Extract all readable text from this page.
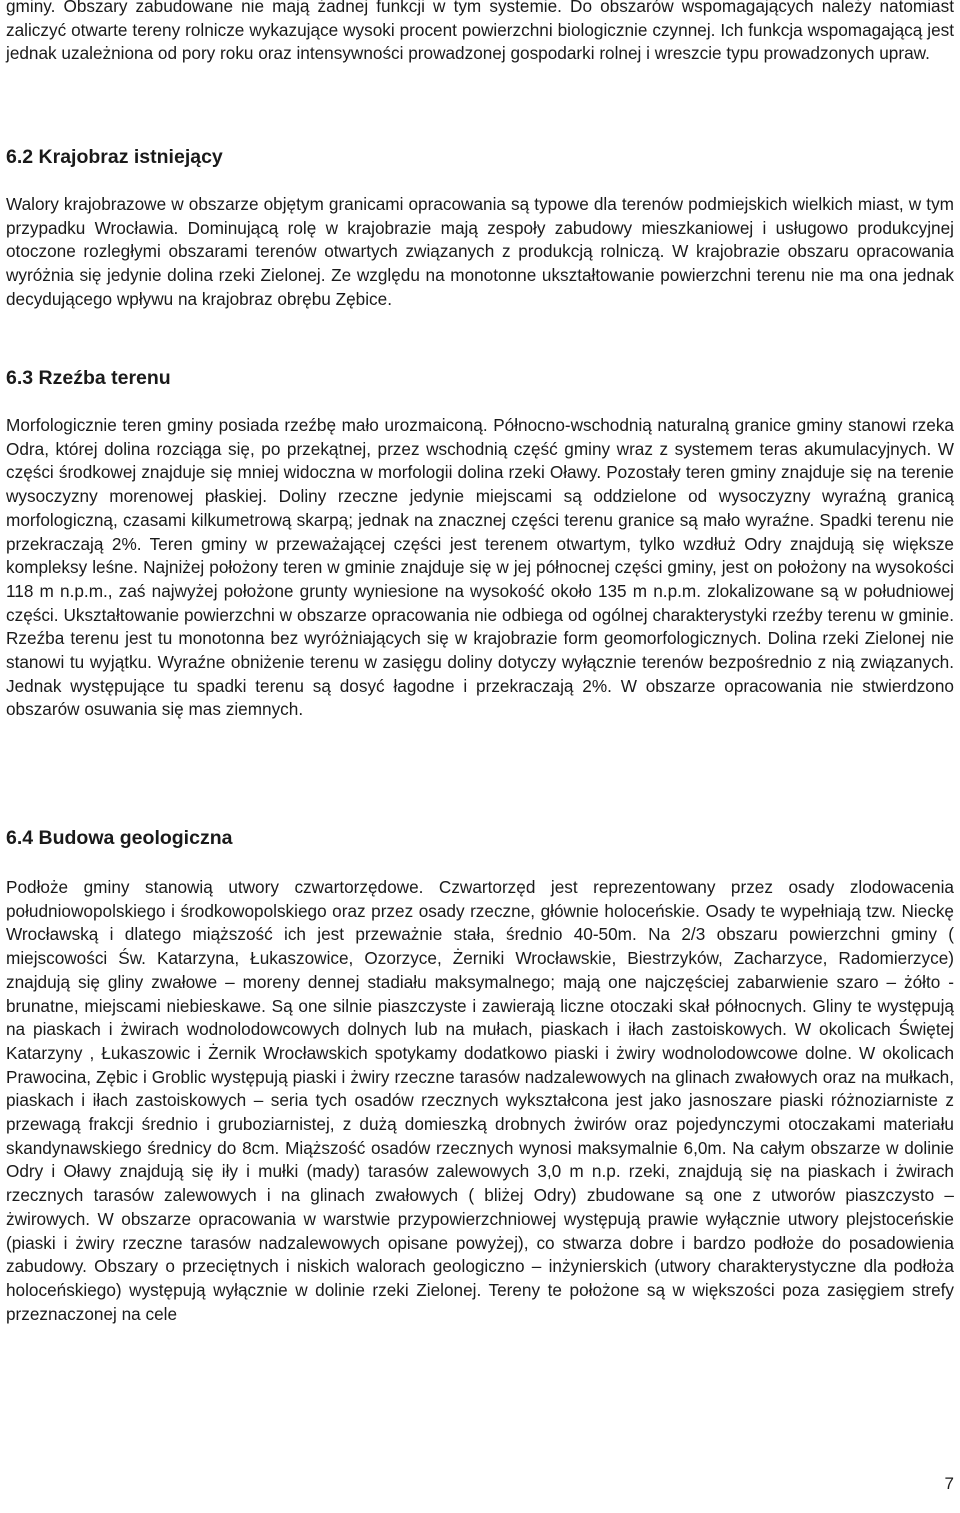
gminy. Obszary zabudowane nie mają żadnej funkcji w tym systemie. Do obszarów wspomagających należy natomiast zaliczyć otwarte tereny rolnicze wykazujące wysoki procent powierzchni biologicznie czynnej. Ich funkcja wspomagającą jest jednak uzależniona od pory roku oraz intensywności prowadzonej gospodarki rolnej i wreszcie typu prowadzonych upraw.

6.2 Krajobraz istniejący

Walory krajobrazowe w obszarze objętym granicami opracowania są typowe dla terenów podmiejskich wielkich miast, w tym przypadku Wrocławia. Dominującą rolę w krajobrazie mają zespoły zabudowy mieszkaniowej i usługowo produkcyjnej otoczone rozległymi obszarami terenów otwartych związanych z produkcją rolniczą. W krajobrazie obszaru opracowania wyróżnia się jedynie dolina rzeki Zielonej. Ze względu na monotonne ukształtowanie powierzchni terenu nie ma ona jednak decydującego wpływu na krajobraz obrębu Zębice.

6.3 Rzeźba terenu

Morfologicznie teren gminy posiada rzeźbę mało urozmaiconą. Północno-wschodnią naturalną granice gminy stanowi rzeka Odra, której dolina rozciąga się, po przekątnej, przez wschodnią część gminy wraz z systemem teras akumulacyjnych. W części środkowej znajduje się mniej widoczna w morfologii dolina rzeki Oławy. Pozostały teren gminy znajduje się na terenie wysoczyzny morenowej płaskiej. Doliny rzeczne jedynie miejscami są oddzielone od wysoczyzny wyraźną granicą morfologiczną, czasami kilkumetrową skarpą; jednak na znacznej części terenu granice są mało wyraźne. Spadki terenu nie przekraczają 2%. Teren gminy w przeważającej części jest terenem otwartym, tylko wzdłuż Odry znajdują się większe kompleksy leśne. Najniżej położony teren w gminie znajduje się w jej północnej części gminy, jest on położony na wysokości 118 m n.p.m., zaś najwyżej położone grunty wyniesione na wysokość około 135 m n.p.m. zlokalizowane są w południowej części. Ukształtowanie powierzchni w obszarze opracowania nie odbiega od ogólnej charakterystyki rzeźby terenu w gminie. Rzeźba terenu jest tu monotonna bez wyróżniających się w krajobrazie form geomorfologicznych. Dolina rzeki Zielonej nie stanowi tu wyjątku. Wyraźne obniżenie terenu w zasięgu doliny dotyczy wyłącznie terenów bezpośrednio z nią związanych. Jednak występujące tu spadki terenu są dosyć łagodne i przekraczają 2%. W obszarze opracowania nie stwierdzono obszarów osuwania się mas ziemnych.

6.4 Budowa geologiczna

Podłoże gminy stanowią utwory czwartorzędowe. Czwartorzęd jest reprezentowany przez osady zlodowacenia południowopolskiego i środkowopolskiego oraz przez osady rzeczne, głównie holoceńskie. Osady te wypełniają tzw. Nieckę Wrocławską i dlatego miąższość ich jest przeważnie stała, średnio 40-50m. Na 2/3 obszaru powierzchni gminy ( miejscowości Św. Katarzyna, Łukaszowice, Ozorzyce, Żerniki Wrocławskie, Biestrzyków, Zacharzyce, Radomierzyce) znajdują się gliny zwałowe – moreny dennej stadiału maksymalnego; mają one najczęściej zabarwienie szaro – żółto - brunatne, miejscami niebieskawe. Są one silnie piaszczyste i zawierają liczne otoczaki skał północnych. Gliny te występują na piaskach i żwirach wodnolodowcowych dolnych lub na mułach, piaskach i iłach zastoiskowych. W okolicach Świętej Katarzyny , Łukaszowic i Żernik Wrocławskich spotykamy dodatkowo piaski i żwiry wodnolodowcowe dolne. W okolicach Prawocina, Zębic i Groblic występują piaski i żwiry rzeczne tarasów nadzalewowych na glinach zwałowych oraz na mułkach, piaskach i iłach zastoiskowych – seria tych osadów rzecznych wykształcona jest jako jasnoszare piaski różnoziarniste z przewagą frakcji średnio i gruboziarnistej, z dużą domieszką drobnych żwirów oraz pojedynczymi otoczakami materiału skandynawskiego średnicy do 8cm. Miąższość osadów rzecznych wynosi maksymalnie 6,0m. Na całym obszarze w dolinie Odry i Oławy znajdują się iły i mułki (mady) tarasów zalewowych 3,0 m n.p. rzeki, znajdują się na piaskach i żwirach rzecznych tarasów zalewowych i na glinach zwałowych ( bliżej Odry) zbudowane są one z utworów piaszczysto – żwirowych. W obszarze opracowania w warstwie przypowierzchniowej występują prawie wyłącznie utwory plejstoceńskie (piaski i żwiry rzeczne tarasów nadzalewowych opisane powyżej), co stwarza dobre i bardzo podłoże do posadowienia zabudowy. Obszary o przeciętnych i niskich walorach geologiczno – inżynierskich (utwory charakterystyczne dla podłoża holoceńskiego) występują wyłącznie w dolinie rzeki Zielonej. Tereny te położone są w większości poza zasięgiem strefy przeznaczonej na cele

7
